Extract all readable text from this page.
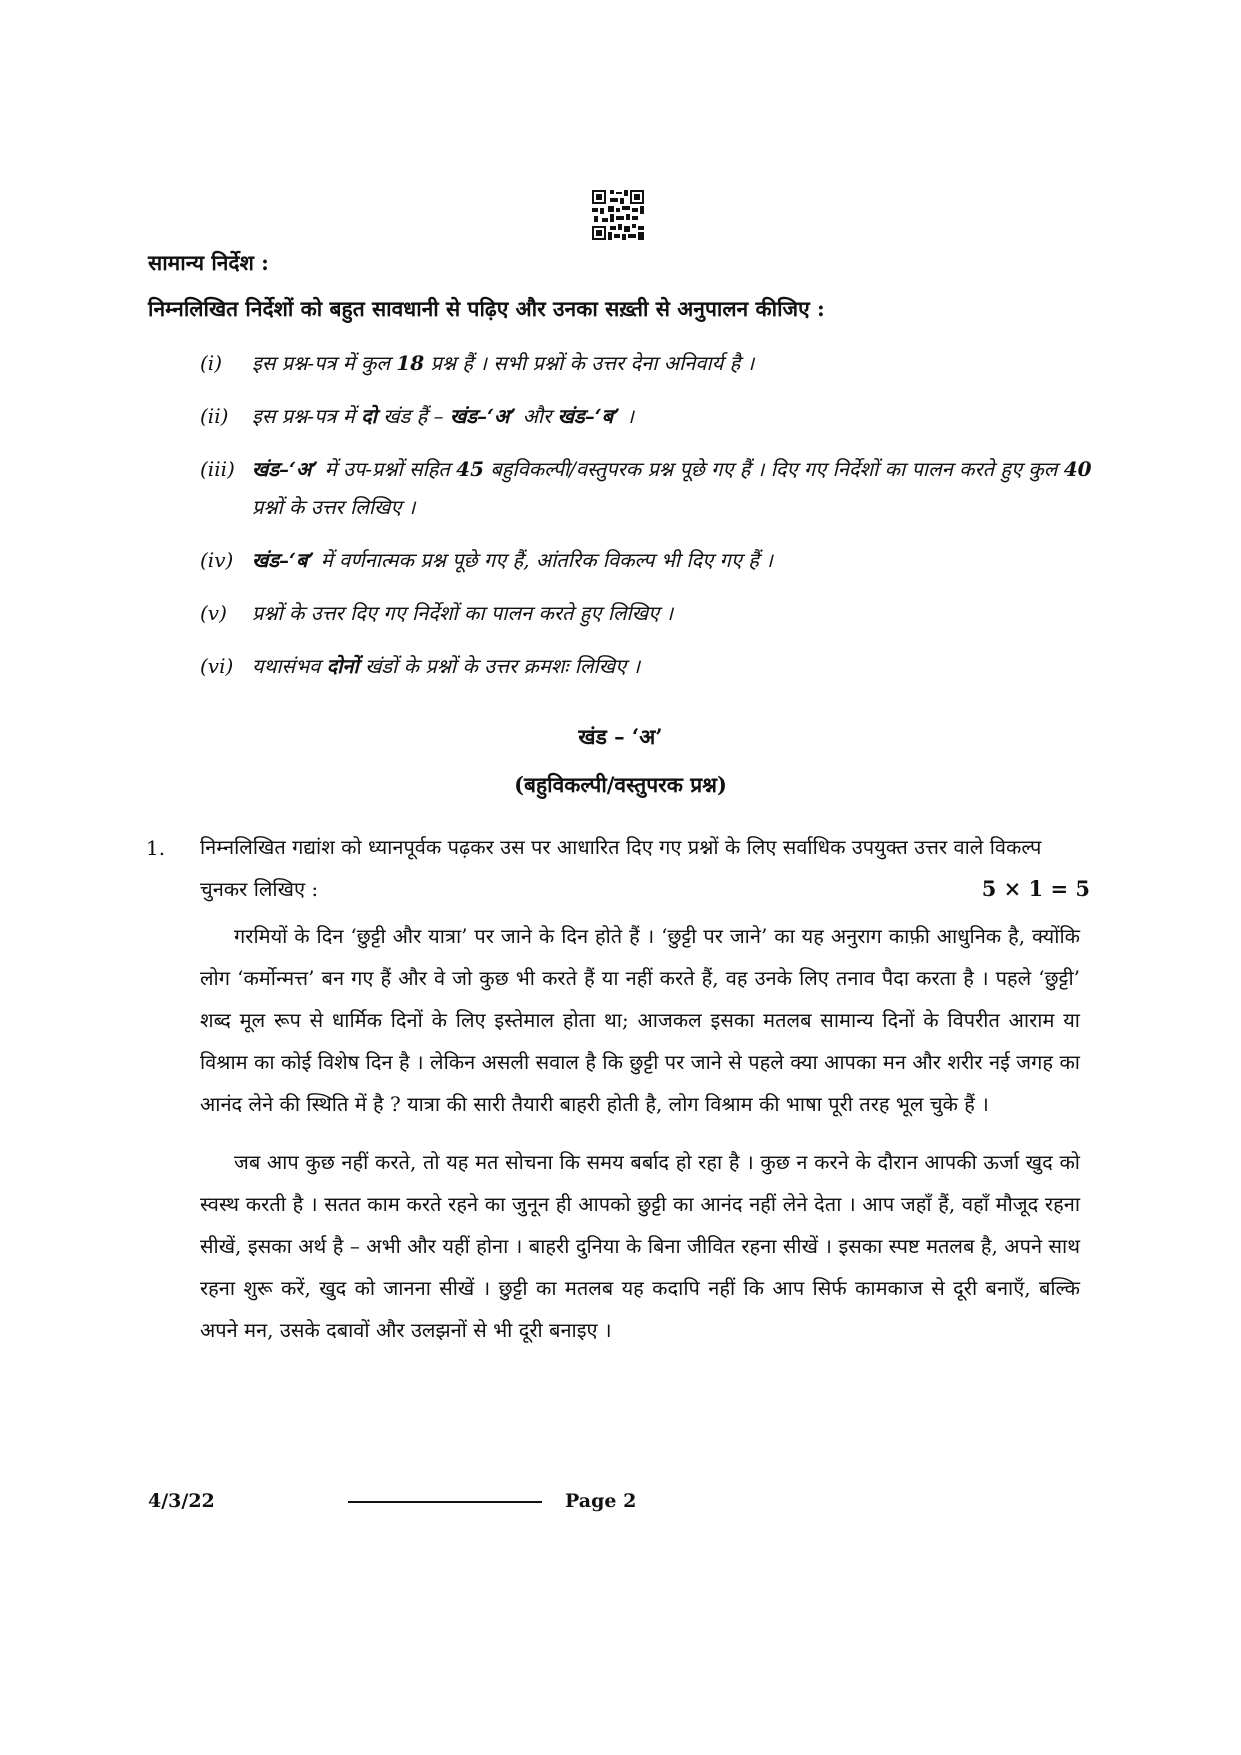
सामान्य निर्देश :
निम्नलिखित निर्देशों को बहुत सावधानी से पढ़िए और उनका सख़्ती से अनुपालन कीजिए :
(i)	इस प्रश्न-पत्र में कुल 18 प्रश्न हैं । सभी प्रश्नों के उत्तर देना अनिवार्य है ।
(ii)	इस प्रश्न-पत्र में दो खंड हैं – खंड–‘अ’ और खंड–‘ब’ ।
(iii) खंड–‘अ’ में उप-प्रश्नों सहित 45 बहुविकल्पी/वस्तुपरक प्रश्न पूछे गए हैं । दिए गए निर्देशों का पालन करते हुए कुल 40 प्रश्नों के उत्तर लिखिए ।
(iv) खंड–‘ब’ में वर्णनात्मक प्रश्न पूछे गए हैं, आंतरिक विकल्प भी दिए गए हैं ।
(v)	प्रश्नों के उत्तर दिए गए निर्देशों का पालन करते हुए लिखिए ।
(vi) यथासंभव दोनों खंडों के प्रश्नों के उत्तर क्रमशः लिखिए ।
खंड – ‘अ’
(बहुविकल्पी/वस्तुपरक प्रश्न)
1. निम्नलिखित गद्यांश को ध्यानपूर्वक पढ़कर उस पर आधारित दिए गए प्रश्नों के लिए सर्वाधिक उपयुक्त उत्तर वाले विकल्प चुनकर लिखिए :	5 × 1 = 5

गरमियों के दिन ‘छुट्टी और यात्रा’ पर जाने के दिन होते हैं । ‘छुट्टी पर जाने’ का यह अनुराग काफ़ी आधुनिक है, क्योंकि लोग ‘कर्मोन्मत्त’ बन गए हैं और वे जो कुछ भी करते हैं या नहीं करते हैं, वह उनके लिए तनाव पैदा करता है । पहले ‘छुट्टी’ शब्द मूल रूप से धार्मिक दिनों के लिए इस्तेमाल होता था; आजकल इसका मतलब सामान्य दिनों के विपरीत आराम या विश्राम का कोई विशेष दिन है । लेकिन असली सवाल है कि छुट्टी पर जाने से पहले क्या आपका मन और शरीर नई जगह का आनंद लेने की स्थिति में है ? यात्रा की सारी तैयारी बाहरी होती है, लोग विश्राम की भाषा पूरी तरह भूल चुके हैं ।

जब आप कुछ नहीं करते, तो यह मत सोचना कि समय बर्बाद हो रहा है । कुछ न करने के दौरान आपकी ऊर्जा खुद को स्वस्थ करती है । सतत काम करते रहने का जुनून ही आपको छुट्टी का आनंद नहीं लेने देता । आप जहाँ हैं, वहाँ मौजूद रहना सीखें, इसका अर्थ है – अभी और यहीं होना । बाहरी दुनिया के बिना जीवित रहना सीखें । इसका स्पष्ट मतलब है, अपने साथ रहना शुरू करें, खुद को जानना सीखें । छुट्टी का मतलब यह कदापि नहीं कि आप सिर्फ कामकाज से दूरी बनाएँ, बल्कि अपने मन, उसके दबावों और उलझनों से भी दूरी बनाइए ।

4/3/22	Page 2
